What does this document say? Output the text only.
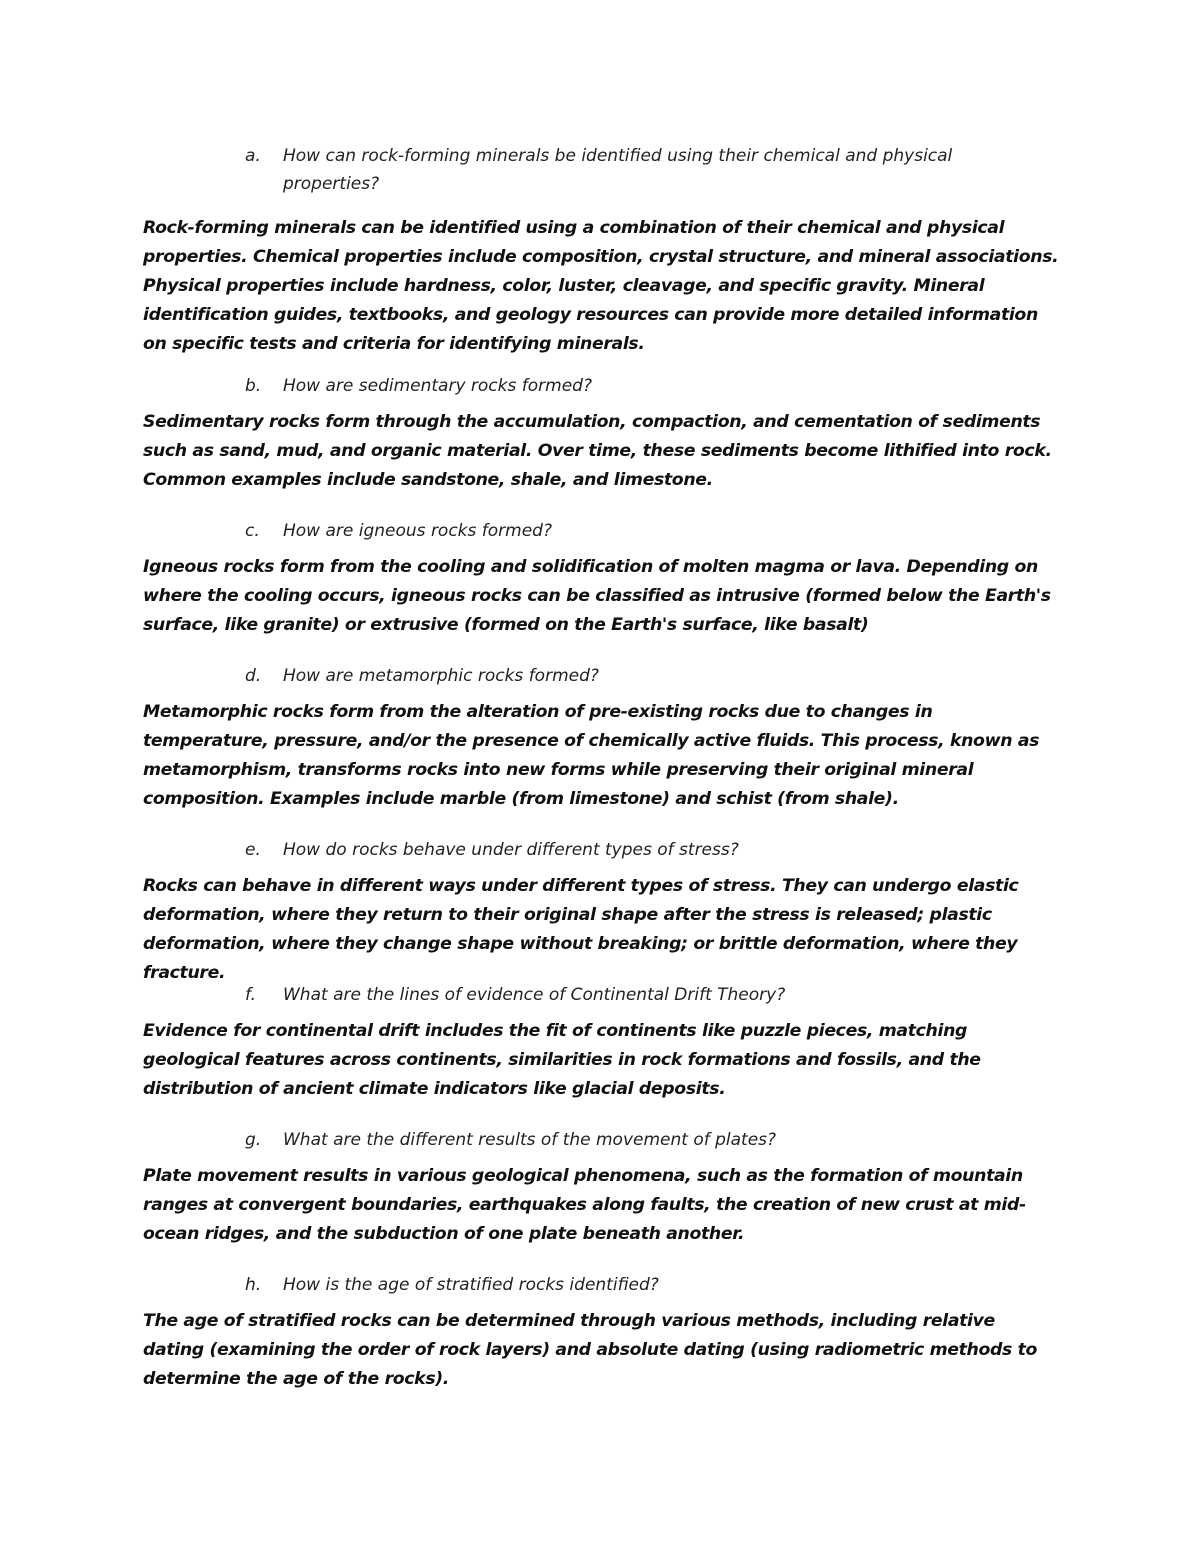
a.	How can rock-forming minerals be identified using their chemical and physical properties?
Rock-forming minerals can be identified using a combination of their chemical and physical properties. Chemical properties include composition, crystal structure, and mineral associations. Physical properties include hardness, color, luster, cleavage, and specific gravity. Mineral identification guides, textbooks, and geology resources can provide more detailed information on specific tests and criteria for identifying minerals.
b.	How are sedimentary rocks formed?
Sedimentary rocks form through the accumulation, compaction, and cementation of sediments such as sand, mud, and organic material. Over time, these sediments become lithified into rock. Common examples include sandstone, shale, and limestone.
c.	How are igneous rocks formed?
Igneous rocks form from the cooling and solidification of molten magma or lava. Depending on where the cooling occurs, igneous rocks can be classified as intrusive (formed below the Earth's surface, like granite) or extrusive (formed on the Earth's surface, like basalt)
d.	How are metamorphic rocks formed?
Metamorphic rocks form from the alteration of pre-existing rocks due to changes in temperature, pressure, and/or the presence of chemically active fluids. This process, known as metamorphism, transforms rocks into new forms while preserving their original mineral composition. Examples include marble (from limestone) and schist (from shale).
e.	How do rocks behave under different types of stress?
Rocks can behave in different ways under different types of stress. They can undergo elastic deformation, where they return to their original shape after the stress is released; plastic deformation, where they change shape without breaking; or brittle deformation, where they fracture.
f.	What are the lines of evidence of Continental Drift Theory?
Evidence for continental drift includes the fit of continents like puzzle pieces, matching geological features across continents, similarities in rock formations and fossils, and the distribution of ancient climate indicators like glacial deposits.
g.	What are the different results of the movement of plates?
Plate movement results in various geological phenomena, such as the formation of mountain ranges at convergent boundaries, earthquakes along faults, the creation of new crust at mid-ocean ridges, and the subduction of one plate beneath another.
h.	How is the age of stratified rocks identified?
The age of stratified rocks can be determined through various methods, including relative dating (examining the order of rock layers) and absolute dating (using radiometric methods to determine the age of the rocks).
